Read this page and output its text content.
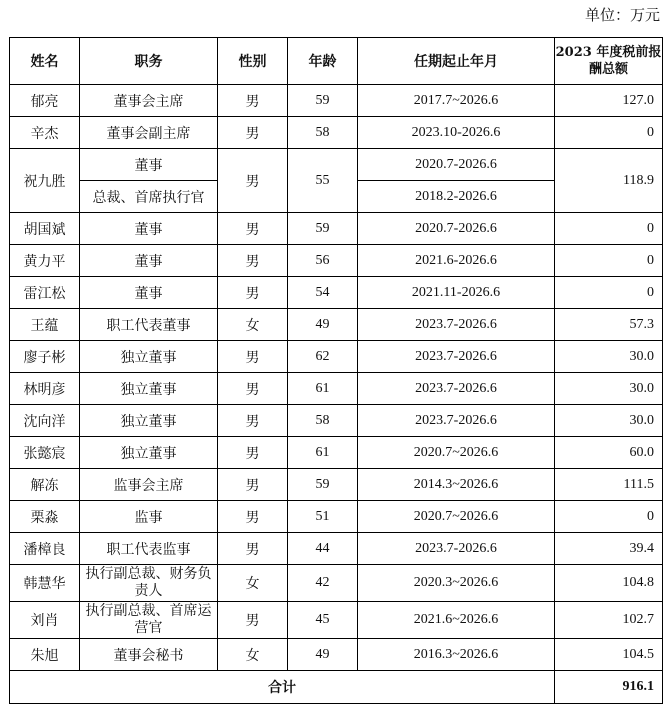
单位：万元
姓名	职务	性别	年龄	任期起止年月	2023 年度税前报酬总额
郁亮	董事会主席	男	59	2017.7~2026.6	127.0
辛杰	董事会副主席	男	58	2023.10-2026.6	0
祝九胜	董事	男	55	2020.7-2026.6	118.9
	总裁、首席执行官			2018.2-2026.6	
胡国斌	董事	男	59	2020.7-2026.6	0
黄力平	董事	男	56	2021.6-2026.6	0
雷江松	董事	男	54	2021.11-2026.6	0
王蕴	职工代表董事	女	49	2023.7-2026.6	57.3
廖子彬	独立董事	男	62	2023.7-2026.6	30.0
林明彦	独立董事	男	61	2023.7-2026.6	30.0
沈向洋	独立董事	男	58	2023.7-2026.6	30.0
张懿宸	独立董事	男	61	2020.7~2026.6	60.0
解冻	监事会主席	男	59	2014.3~2026.6	111.5
栗淼	监事	男	51	2020.7~2026.6	0
潘樟良	职工代表监事	男	44	2023.7-2026.6	39.4
韩慧华	执行副总裁、财务负责人	女	42	2020.3~2026.6	104.8
刘肖	执行副总裁、首席运营官	男	45	2021.6~2026.6	102.7
朱旭	董事会秘书	女	49	2016.3~2026.6	104.5
合计					916.1
